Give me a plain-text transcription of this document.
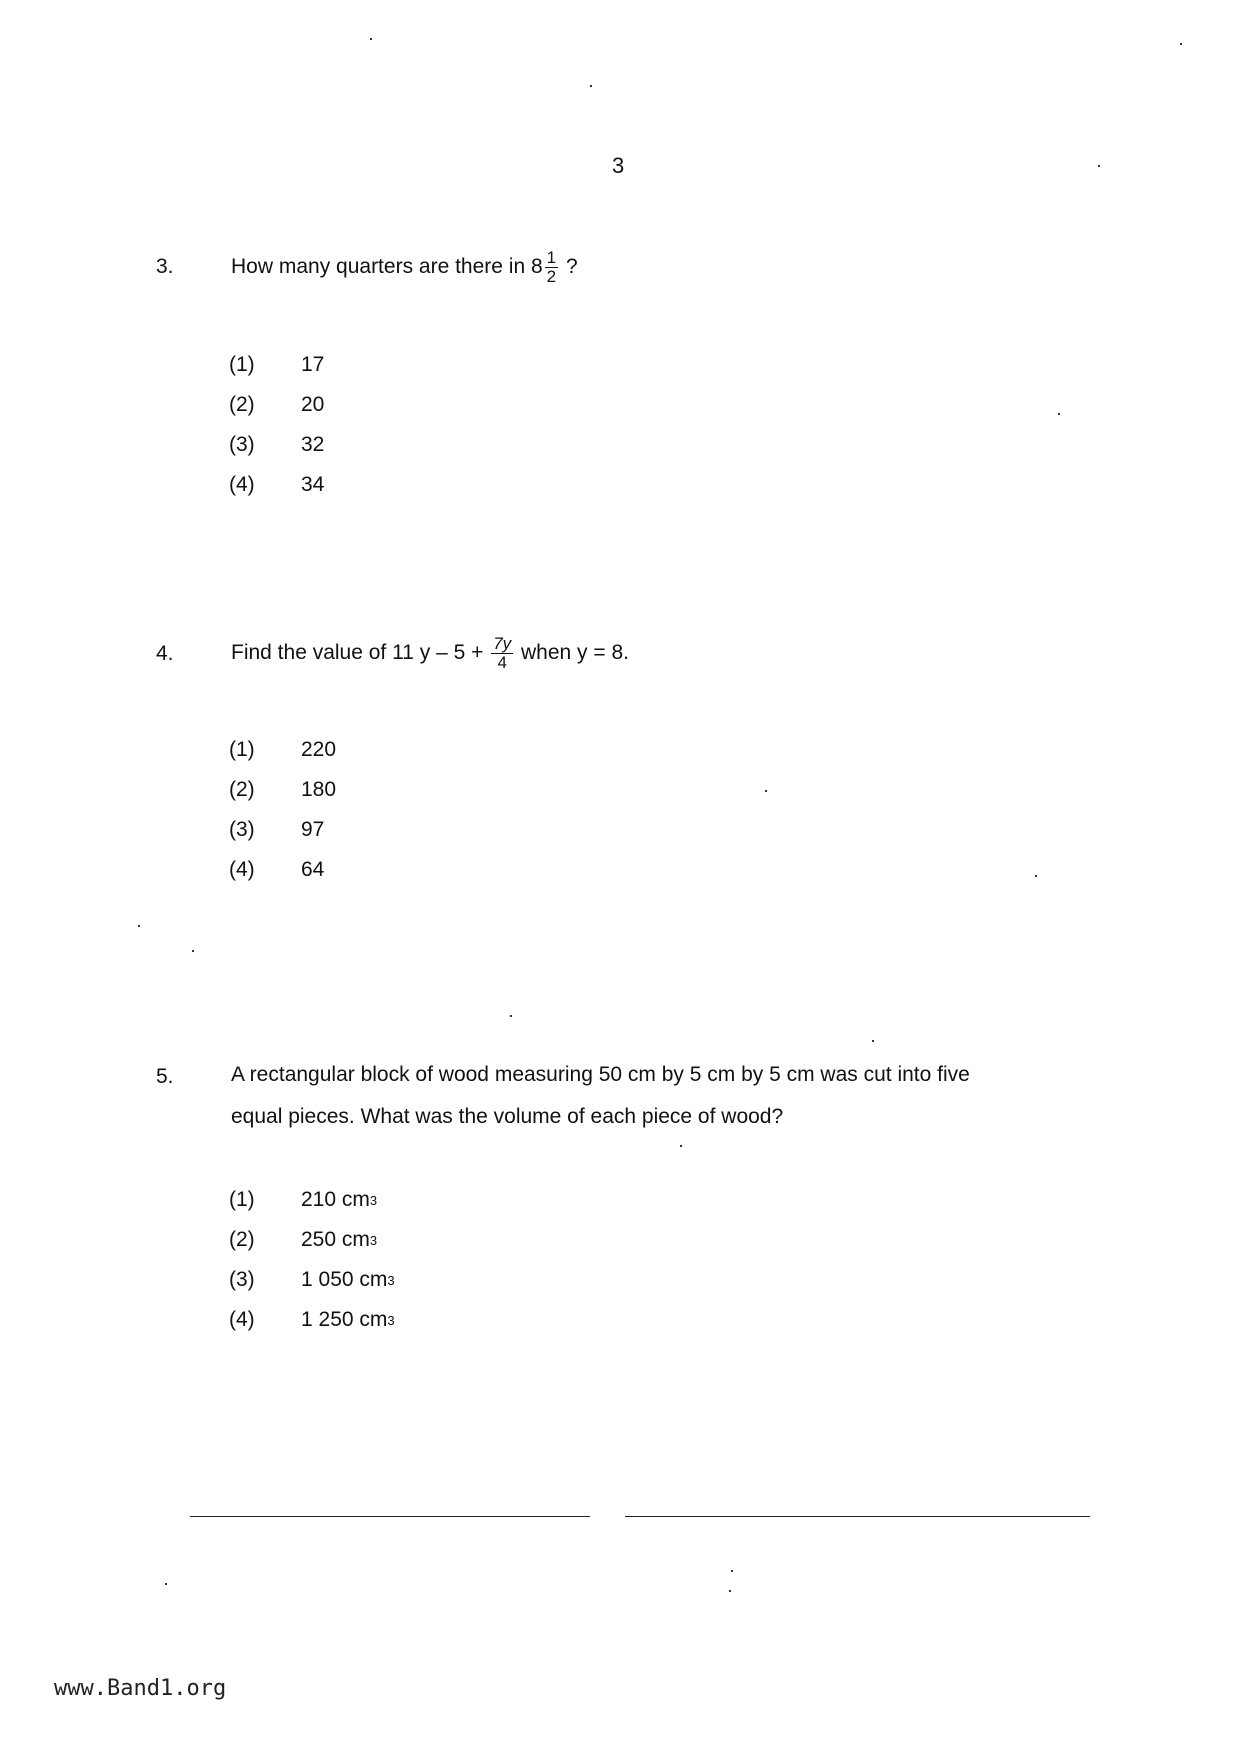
3
3.	How many quarters are there in $8 \frac{1}{2}$ ?
(1)	17
(2)	20
(3)	32
(4)	34
4.	Find the value of 11 $y - 5 + \frac{7y}{4}$ when y = 8.
(1)	220
(2)	180
(3)	97
(4)	64
5.	A rectangular block of wood measuring 50 cm by 5 cm by 5 cm was cut into five
equal pieces. What was the volume of each piece of wood?
(1)	210
cm 3
(2)	250
cm 3
(3)	1 050
cm 3
(4)	1 250
cm 3
www.Band1.org
